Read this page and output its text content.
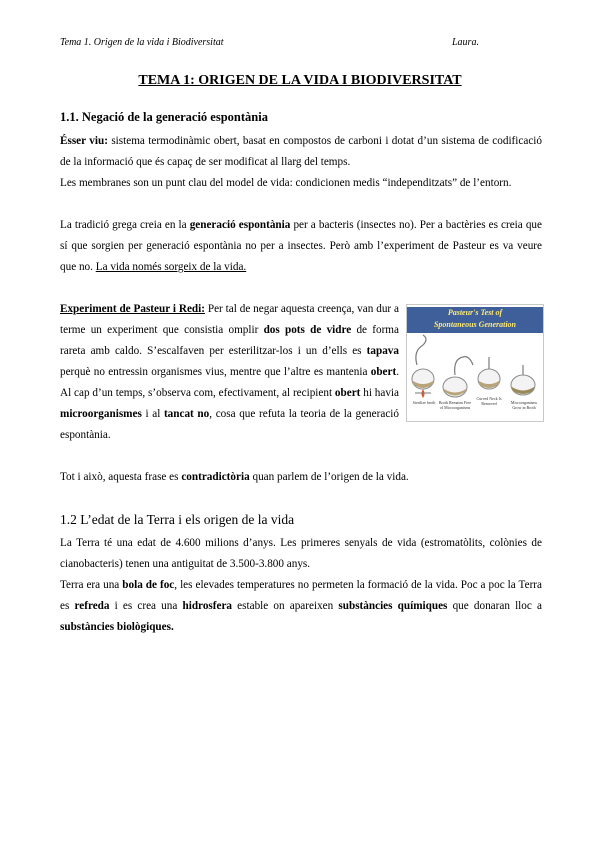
Tema 1. Origen de la vida i Biodiversitat	Laura.
TEMA 1: ORIGEN DE LA VIDA I BIODIVERSITAT
1.1. Negació de la generació espontània
Ésser viu: sistema termodinàmic obert, basat en compostos de carboni i dotat d’un sistema de codificació de la informació que és capaç de ser modificat al llarg del temps.
Les membranes son un punt clau del model de vida: condicionen medis “independitzats” de l’entorn.
La tradició grega creia en la generació espontània per a bacteris (insectes no). Per a bactèries es creia que sí que sorgien per generació espontània no per a insectes. Però amb l’experiment de Pasteur es va veure que no. La vida només sorgeix de la vida.
Experiment de Pasteur i Redi: Per tal de negar aquesta creença, van dur a terme un experiment que consistia omplir dos pots de vidre de forma rareta amb caldo. S’escalfaven per esterilitzar-los i un d’ells es tapava perquè no entressin organismes vius, mentre que l’altre es mantenia obert. Al cap d’un temps, s’observa com, efectivament, al recipient obert hi havia microorganismes i al tancat no, cosa que refuta la teoria de la generació espontània.
Pasteur's Test of
Spontaneous Generation
Sterilize broth Broth Remains Free of Microorganisms
Curved Neck Is Removed	Microorganisms Grow in Broth
Tot i això, aquesta frase es contradictòria quan parlem de l’origen de la vida.
1.2 L’edat de la Terra i els origen de la vida
La Terra té una edat de 4.600 milions d’anys. Les primeres senyals de vida (estromatòlits, colònies de cianobacteris) tenen una antiguitat de 3.500-3.800 anys.
Terra era una bola de foc, les elevades temperatures no permeten la formació de la vida. Poc a poc la Terra es refreda i es crea una hidrosfera estable on apareixen substàncies químiques que donaran lloc a substàncies biològiques.
